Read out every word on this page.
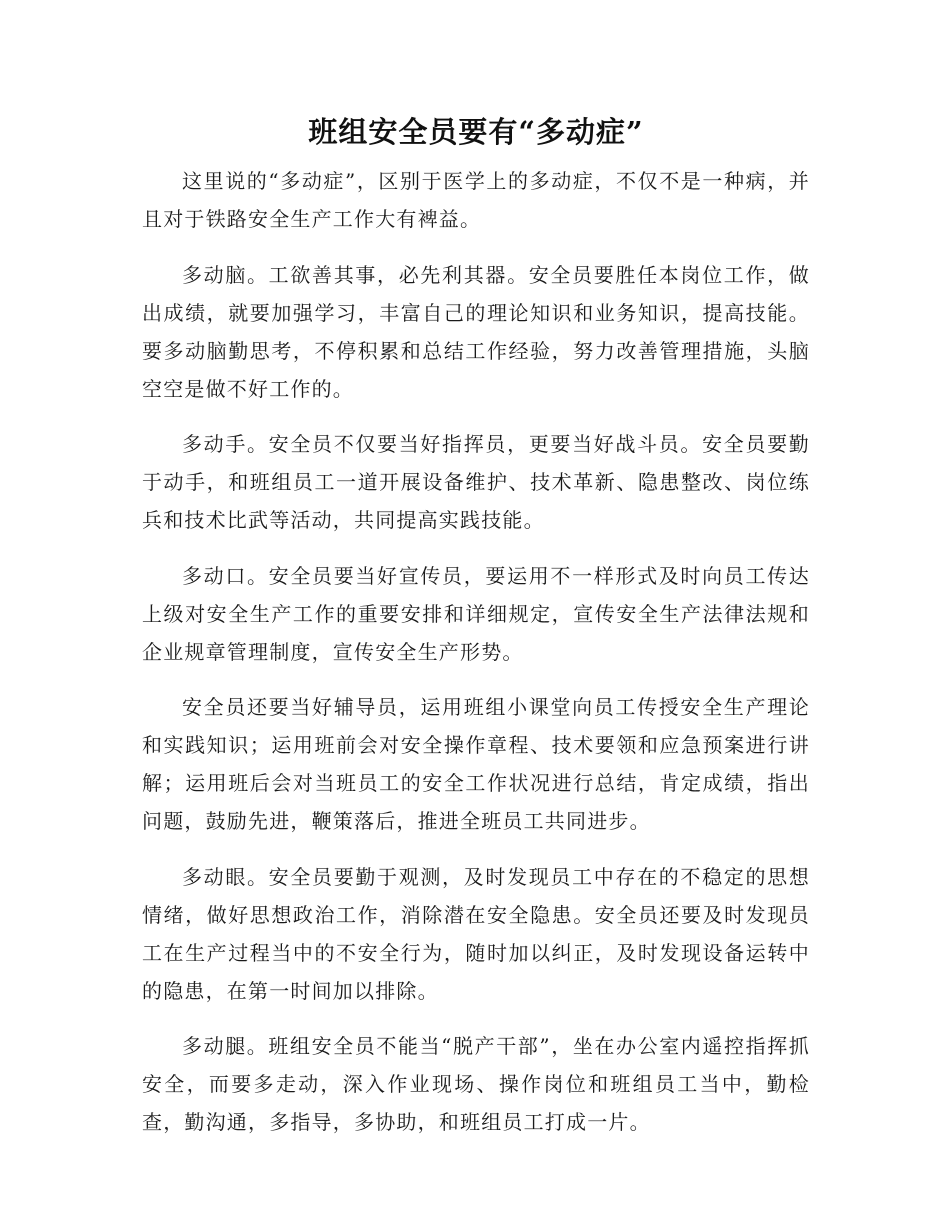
班组安全员要有“多动症”

这里说的“多动症”，区别于医学上的多动症，不仅不是一种病，并且对于铁路安全生产工作大有裨益。

多动脑。工欲善其事，必先利其器。安全员要胜任本岗位工作，做出成绩，就要加强学习，丰富自己的理论知识和业务知识，提高技能。要多动脑勤思考，不停积累和总结工作经验，努力改善管理措施，头脑空空是做不好工作的。

多动手。安全员不仅要当好指挥员，更要当好战斗员。安全员要勤于动手，和班组员工一道开展设备维护、技术革新、隐患整改、岗位练兵和技术比武等活动，共同提高实践技能。

多动口。安全员要当好宣传员，要运用不一样形式及时向员工传达上级对安全生产工作的重要安排和详细规定，宣传安全生产法律法规和企业规章管理制度，宣传安全生产形势。

安全员还要当好辅导员，运用班组小课堂向员工传授安全生产理论和实践知识；运用班前会对安全操作章程、技术要领和应急预案进行讲解；运用班后会对当班员工的安全工作状况进行总结，肯定成绩，指出问题，鼓励先进，鞭策落后，推进全班员工共同进步。

多动眼。安全员要勤于观测，及时发现员工中存在的不稳定的思想情绪，做好思想政治工作，消除潜在安全隐患。安全员还要及时发现员工在生产过程当中的不安全行为，随时加以纠正，及时发现设备运转中的隐患，在第一时间加以排除。

多动腿。班组安全员不能当“脱产干部”，坐在办公室内遥控指挥抓安全，而要多走动，深入作业现场、操作岗位和班组员工当中，勤检查，勤沟通，多指导，多协助，和班组员工打成一片。
